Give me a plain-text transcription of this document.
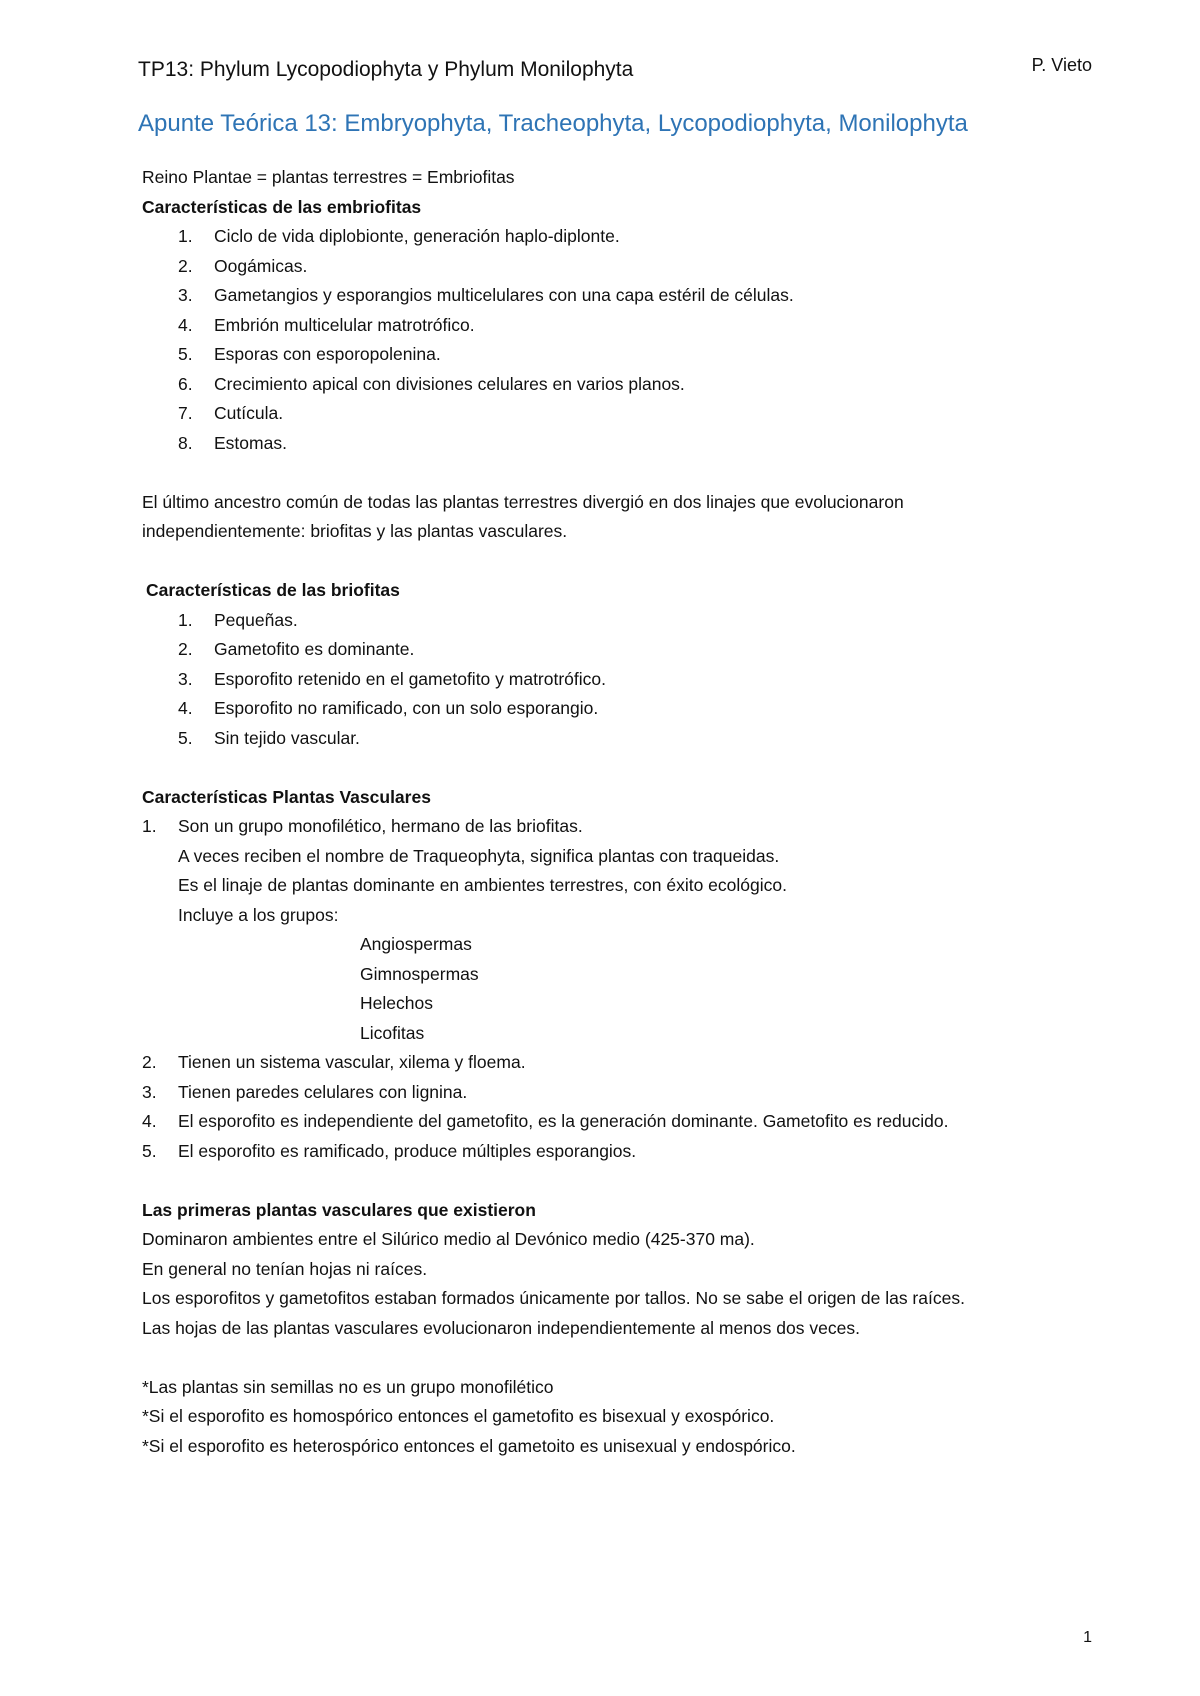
TP13: Phylum Lycopodiophyta y Phylum Monilophyta	P. Vieto
Apunte Teórica 13: Embryophyta, Tracheophyta, Lycopodiophyta, Monilophyta

Reino Plantae = plantas terrestres = Embriofitas

Características de las embriofitas

1. Ciclo de vida diplobionte, generación haplo-diplonte.
2. Oogámicas.
3. Gametangios y esporangios multicelulares con una capa estéril de células.
4. Embrión multicelular matrotrófico.
5. Esporas con esporopolenina.
6. Crecimiento apical con divisiones celulares en varios planos.
7. Cutícula.
8. Estomas.

El último ancestro común de todas las plantas terrestres divergió en dos linajes que evolucionaron

independientemente: briofitas y las plantas vasculares.

Características de las briofitas

1. Pequeñas.
2. Gametofito es dominante.
3. Esporofito retenido en el gametofito y matrotrófico.
4. Esporofito no ramificado, con un solo esporangio.
5. Sin tejido vascular.

Características Plantas Vasculares

1. Son un grupo monofilético, hermano de las briofitas.

A veces reciben el nombre de Traqueophyta, significa plantas con traqueidas.

Es el linaje de plantas dominante en ambientes terrestres, con éxito ecológico.

Incluye a los grupos:

Angiospermas
Gimnospermas
Helechos
Licofitas
2. Tienen un sistema vascular, xilema y floema.
3. Tienen paredes celulares con lignina.
4. El esporofito es independiente del gametofito, es la generación dominante. Gametofito es reducido.
5. El esporofito es ramificado, produce múltiples esporangios.

Las primeras plantas vasculares que existieron

Dominaron ambientes entre el Silúrico medio al Devónico medio (425-370 ma).

En general no tenían hojas ni raíces.

Los esporofitos y gametofitos estaban formados únicamente por tallos. No se sabe el origen de las raíces.

Las hojas de las plantas vasculares evolucionaron independientemente al menos dos veces.

*Las plantas sin semillas no es un grupo monofilético

*Si el esporofito es homospórico entonces el gametofito es bisexual y exospórico.

*Si el esporofito es heterospórico entonces el gametoito es unisexual y endospórico.

1
